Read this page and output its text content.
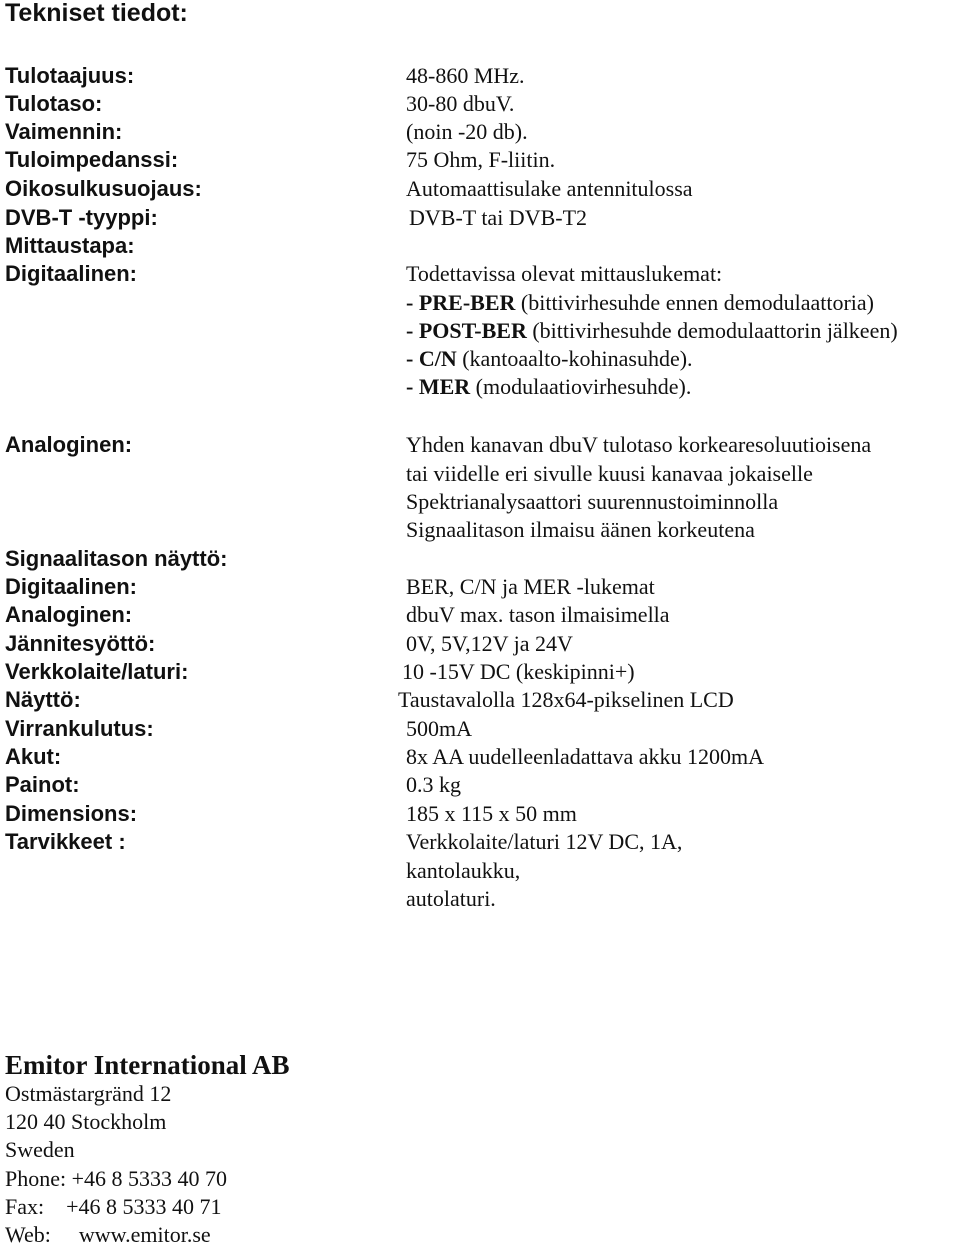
Tekniset tiedot:
Tulotaajuus:	48-860 MHz.
Tulotaso:	30-80 dbuV.
Vaimennin:	(noin -20 db).
Tuloimpedanssi:	75 Ohm, F-liitin.
Oikosulkusuojaus:	Automaattisulake antennitulossa
DVB-T -tyyppi:	DVB-T tai DVB-T2
Mittaustapa:
Digitaalinen:	Todettavissa olevat mittauslukemat:
- PRE-BER (bittivirhesuhde ennen demodulaattoria)
- POST-BER (bittivirhesuhde demodulaattorin jälkeen)
- C/N (kantoaalto-kohinasuhde).
- MER (modulaatiovirhesuhde).
Analoginen:	Yhden kanavan dbuV tulotaso korkearesoluutioisena
tai viidelle eri sivulle kuusi kanavaa jokaiselle
Spektrianalysaattori suurennustoiminnolla
Signaalitason ilmaisu äänen korkeutena
Signaalitason näyttö:
Digitaalinen:	BER, C/N ja MER -lukemat
Analoginen:	dbuV max. tason ilmaisimella
Jännitesyöttö:	0V, 5V,12V ja 24V
Verkkolaite/laturi:	10 -15V DC (keskipinni+)
Näyttö:	Taustavalolla 128x64-pikselinen LCD
Virrankulutus:	500mA
Akut:	8x AA uudelleenladattava akku 1200mA
Painot:	0.3 kg
Dimensions:	185 x 115 x 50 mm
Tarvikkeet :	Verkkolaite/laturi 12V DC, 1A,
kantolaukku,
autolaturi.
Emitor International AB
Ostmästargränd 12
120 40 Stockholm
Sweden
Phone: +46 8 5333 40 70
Fax:    +46 8 5333 40 71
Web: www.emitor.se
